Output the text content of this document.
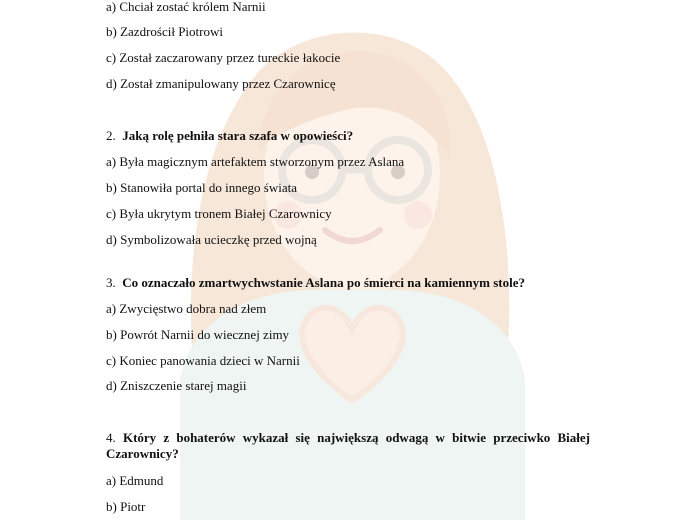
a) Chciał zostać królem Narnii
b) Zazdrościł Piotrowi
c) Został zaczarowany przez tureckie łakocie
d) Został zmanipulowany przez Czarownicę
2. Jaką rolę pełniła stara szafa w opowieści?
a) Była magicznym artefaktem stworzonym przez Aslana
b) Stanowiła portal do innego świata
c) Była ukrytym tronem Białej Czarownicy
d) Symbolizowała ucieczkę przed wojną
3. Co oznaczało zmartwychwstanie Aslana po śmierci na kamiennym stole?
a) Zwycięstwo dobra nad złem
b) Powrót Narnii do wiecznej zimy
c) Koniec panowania dzieci w Narnii
d) Zniszczenie starej magii
4. Który z bohaterów wykazał się największą odwagą w bitwie przeciwko Białej Czarownicy?
a) Edmund
b) Piotr
